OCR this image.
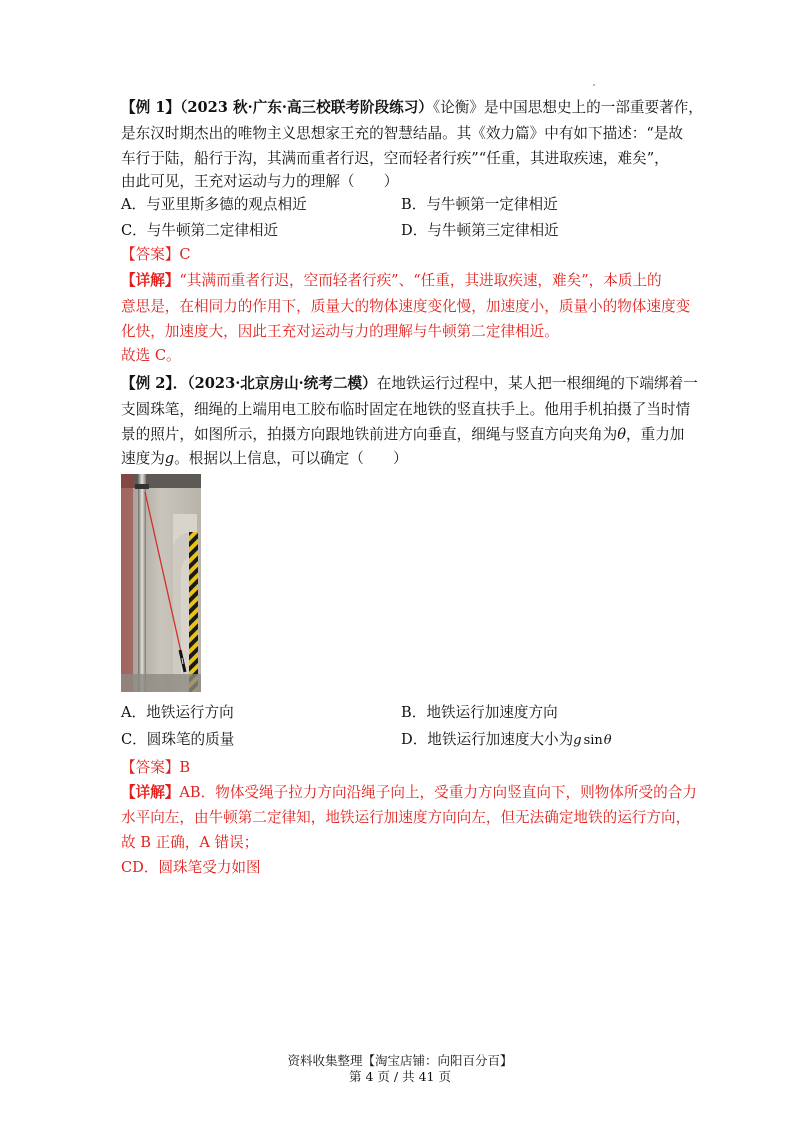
【例 1】（2023 秋·广东·高三校联考阶段练习）《论衡》是中国思想史上的一部重要著作，
是东汉时期杰出的唯物主义思想家王充的智慧结晶。其《效力篇》中有如下描述：“是故
车行于陆，船行于沟，其满而重者行迟，空而轻者行疾”“任重，其进取疾速，难矣”，
由此可见，王充对运动与力的理解（　　）
A．与亚里斯多德的观点相近	B．与牛顿第一定律相近
C．与牛顿第二定律相近	D．与牛顿第三定律相近
【答案】C
【详解】“其满而重者行迟，空而轻者行疾”、“任重，其进取疾速，难矣”，本质上的
意思是，在相同力的作用下，质量大的物体速度变化慢，加速度小，质量小的物体速度变
化快，加速度大，因此王充对运动与力的理解与牛顿第二定律相近。
故选 C。
【例 2】．（2023·北京房山·统考二模）在地铁运行过程中，某人把一根细绳的下端绑着一
支圆珠笔，细绳的上端用电工胶布临时固定在地铁的竖直扶手上。他用手机拍摄了当时情
景的照片，如图所示，拍摄方向跟地铁前进方向垂直，细绳与竖直方向夹角为θ，重力加
速度为g。根据以上信息，可以确定（　　）
A．地铁运行方向	B．地铁运行加速度方向
C．圆珠笔的质量	D．地铁运行加速度大小为g sinθ
【答案】B
【详解】AB．物体受绳子拉力方向沿绳子向上，受重力方向竖直向下，则物体所受的合力
水平向左，由牛顿第二定律知，地铁运行加速度方向向左，但无法确定地铁的运行方向，
故 B 正确，A 错误；
CD．圆珠笔受力如图
资料收集整理【淘宝店铺：向阳百分百】
第 4 页 / 共 41 页
